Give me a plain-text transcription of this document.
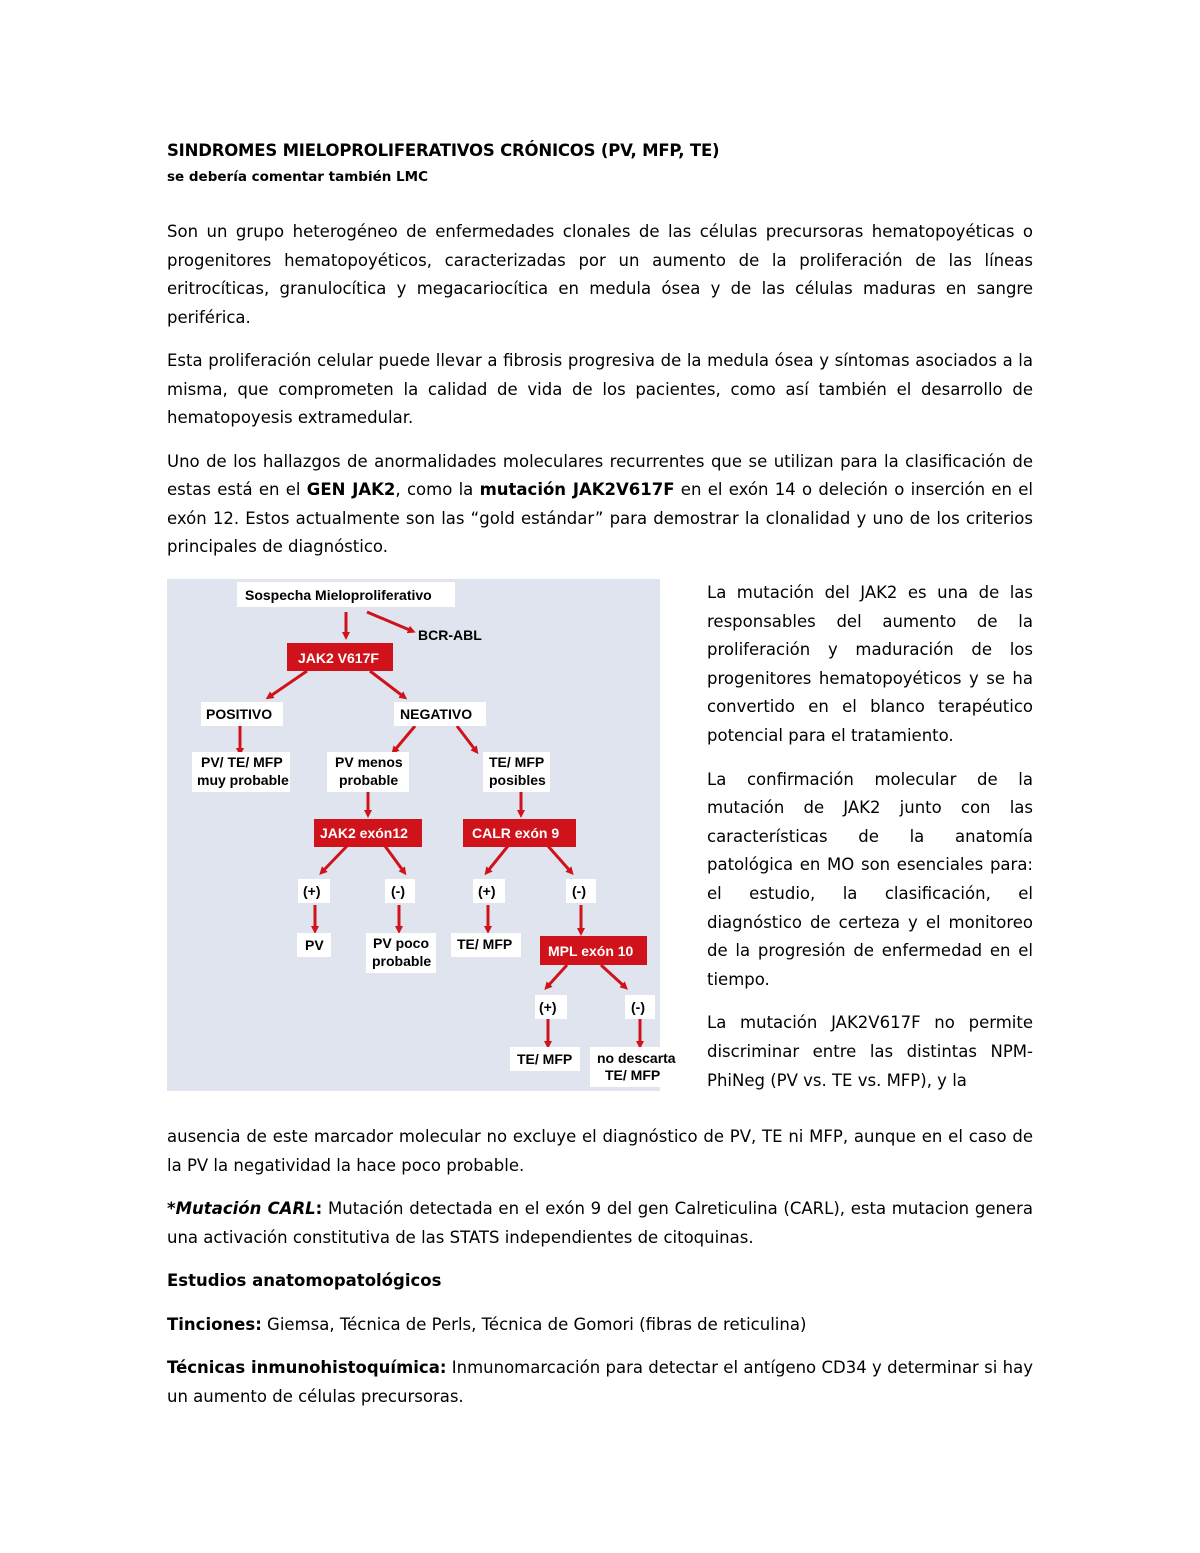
SINDROMES MIELOPROLIFERATIVOS CRÓNICOS (PV, MFP, TE)
se debería comentar también LMC

Son un grupo heterogéneo de enfermedades clonales de las células precursoras hematopoyéticas o progenitores hematopoyéticos, caracterizadas por un aumento de la proliferación de las líneas eritrocíticas, granulocítica y megacariocítica en medula ósea y de las células maduras en sangre periférica.

Esta proliferación celular puede llevar a fibrosis progresiva de la medula ósea y síntomas asociados a la misma, que comprometen la calidad de vida de los pacientes, como así también el desarrollo de hematopoyesis extramedular.

Uno de los hallazgos de anormalidades moleculares recurrentes que se utilizan para la clasificación de estas está en el GEN JAK2, como la mutación JAK2V617F en el exón 14 o deleción o inserción en el exón 12. Estos actualmente son las “gold estándar” para demostrar la clonalidad y uno de los criterios principales de diagnóstico.

Sospecha Mieloproliferativo
BCR-ABL
JAK2 V617F
POSITIVO	NEGATIVO
PV/ TE/ MFP
muy probable
PV menos
probable
TE/ MFP
posibles
JAK2 exón12	CALR exón 9
(+)	(-)	(+)	(-)
PV	PV poco
probable
TE/ MFP	MPL exón 10
(+)	(-)
TE/ MFP no descarta
TE/ MFP

La mutación del JAK2 es una de las responsables del aumento de la proliferación y maduración de los progenitores hematopoyéticos y se ha convertido en el blanco terapéutico potencial para el tratamiento.

La confirmación molecular de la mutación de JAK2 junto con las características de la anatomía patológica en MO son esenciales para: el estudio, la clasificación, el diagnóstico de certeza y el monitoreo de la progresión de enfermedad en el tiempo.

La mutación JAK2V617F no permite discriminar entre las distintas NPM-PhiNeg (PV vs. TE vs. MFP), y la

ausencia de este marcador molecular no excluye el diagnóstico de PV, TE ni MFP, aunque en el caso de la PV la negatividad la hace poco probable.

*Mutación CARL: Mutación detectada en el exón 9 del gen Calreticulina (CARL), esta mutacion genera una activación constitutiva de las STATS independientes de citoquinas.

Estudios anatomopatológicos

Tinciones: Giemsa, Técnica de Perls, Técnica de Gomori (fibras de reticulina)

Técnicas inmunohistoquímica: Inmunomarcación para detectar el antígeno CD34 y determinar si hay un aumento de células precursoras.
